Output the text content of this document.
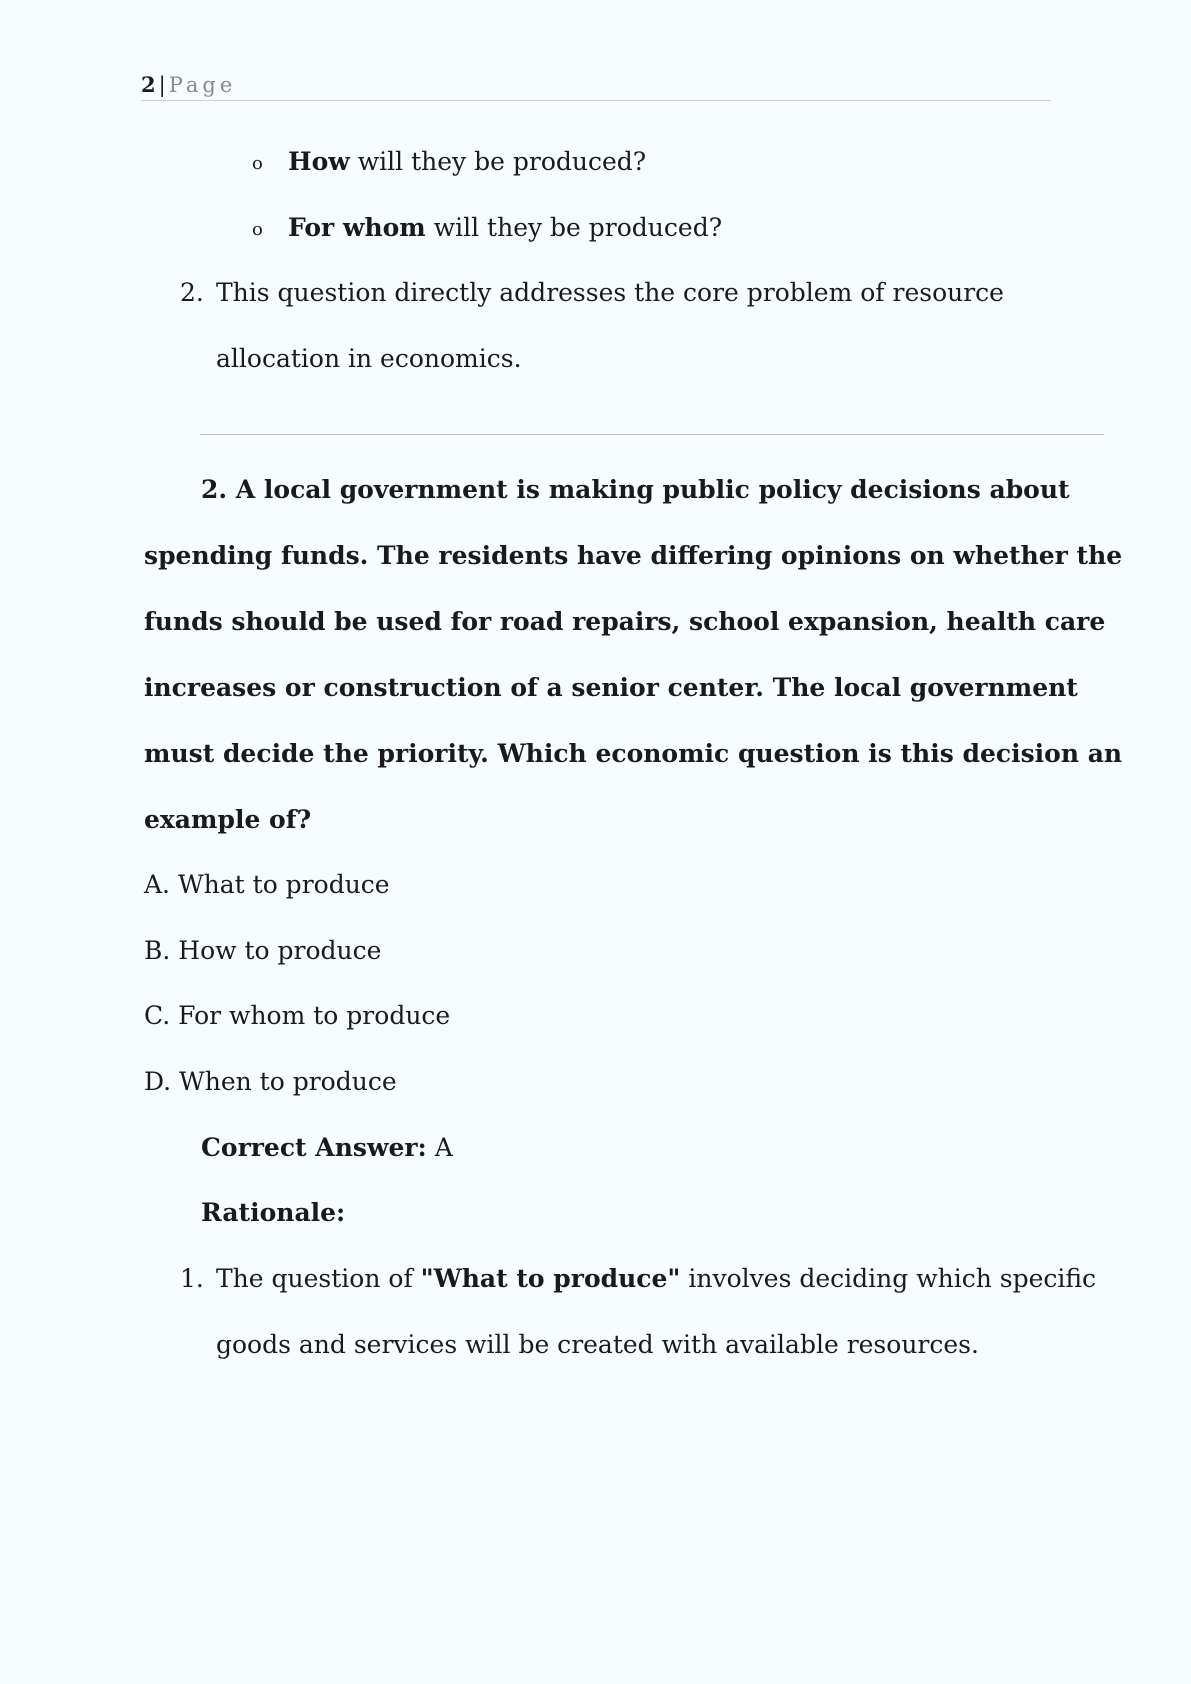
2 | Page
o How will they be produced?
o For whom will they be produced?
2. This question directly addresses the core problem of resource
allocation in economics.
2. A local government is making public policy decisions about
spending funds. The residents have differing opinions on whether the
funds should be used for road repairs, school expansion, health care
increases or construction of a senior center. The local government
must decide the priority. Which economic question is this decision an
example of?
A. What to produce
B. How to produce
C. For whom to produce
D. When to produce
Correct Answer: A
Rationale:
1. The question of "What to produce" involves deciding which specific
goods and services will be created with available resources.
